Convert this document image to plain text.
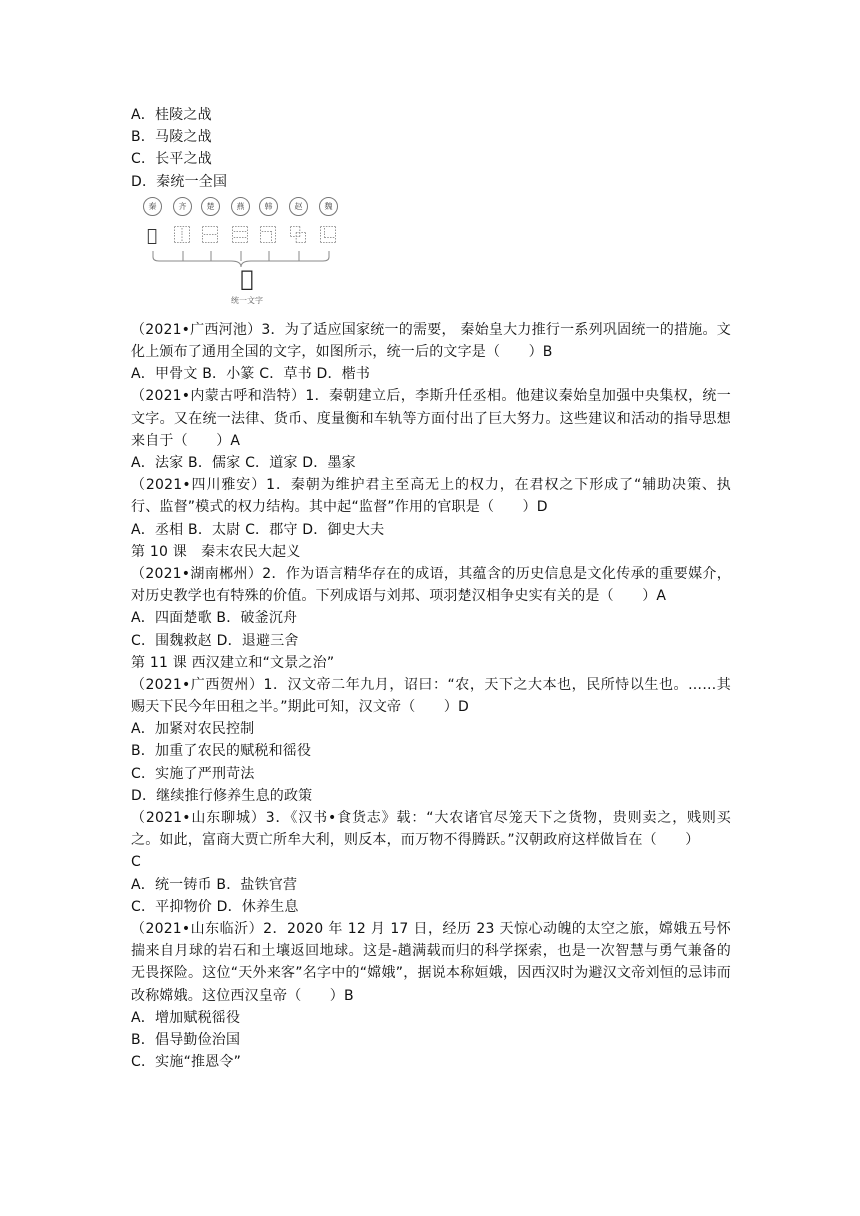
A．桂陵之战
B．马陵之战
C．长平之战
D．秦统一全国
秦	齐	楚	燕	韩	赵	魏
𢑚 ⿰ ⿱ ⿳ ⿹ ⿻ ⿺
𢑚
统一文字
（2021•广西河池）3．为了适应国家统一的需要， 秦始皇大力推行一系列巩固统一的措施。文化上颁布了通用全国的文字，如图所示，统一后的文字是（　　）B
A．甲骨文 B．小篆 C．草书 D．楷书
（2021•内蒙古呼和浩特）1．秦朝建立后，李斯升任丞相。他建议秦始皇加强中央集权，统一文字。又在统一法律、货币、度量衡和车轨等方面付出了巨大努力。这些建议和活动的指导思想来自于（　　）A
A．法家 B．儒家 C．道家 D．墨家
（2021•四川雅安）1．秦朝为维护君主至高无上的权力，在君权之下形成了“辅助决策、执行、监督”模式的权力结构。其中起“监督”作用的官职是（　　）D
A．丞相 B．太尉 C．郡守 D．御史大夫
第 10 课　秦末农民大起义
（2021•湖南郴州）2．作为语言精华存在的成语，其蕴含的历史信息是文化传承的重要媒介，对历史教学也有特殊的价值。下列成语与刘邦、项羽楚汉相争史实有关的是（　　）A
A．四面楚歌 B．破釜沉舟
C．围魏救赵 D．退避三舍
第 11 课 西汉建立和“文景之治”
（2021•广西贺州）1．汉文帝二年九月，诏曰：“农，天下之大本也，民所恃以生也。……其赐天下民今年田租之半。”期此可知，汉文帝（　　）D
A．加紧对农民控制
B．加重了农民的赋税和徭役
C．实施了严刑苛法
D．继续推行修养生息的政策
（2021•山东聊城）3．《汉书•食货志》载：“大农诸官尽笼天下之货物，贵则卖之，贱则买之。如此，富商大贾亡所牟大利，则反本，而万物不得腾跃。”汉朝政府这样做旨在（　　）
C
A．统一铸币 B．盐铁官营
C．平抑物价 D．休养生息
（2021•山东临沂）2．2020 年 12 月 17 日，经历 23 天惊心动魄的太空之旅，嫦娥五号怀揣来自月球的岩石和土壤返回地球。这是-趟满载而归的科学探索，也是一次智慧与勇气兼备的无畏探险。这位“天外来客”名字中的“嫦娥”，据说本称姮娥，因西汉时为避汉文帝刘恒的忌讳而改称嫦娥。这位西汉皇帝（　　）B
A．增加赋税徭役
B．倡导勤俭治国
C．实施“推恩令”
